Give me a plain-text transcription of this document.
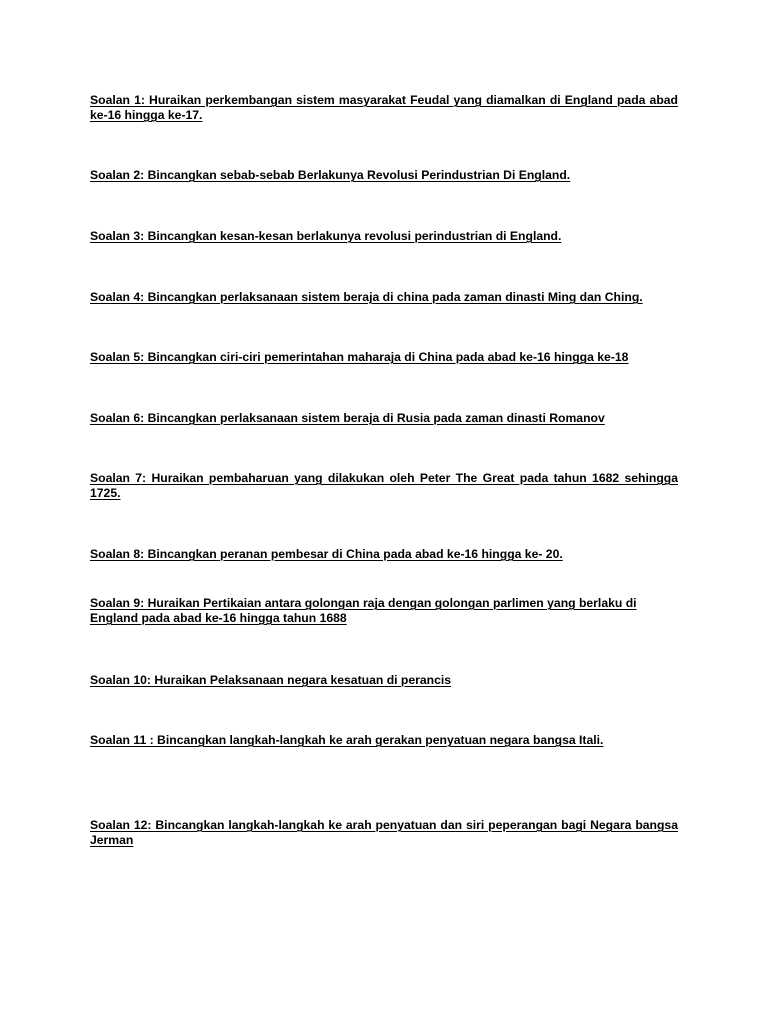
Soalan 1: Huraikan perkembangan sistem masyarakat Feudal yang diamalkan di England pada abad ke-16 hingga ke-17.

Soalan 2: Bincangkan sebab-sebab Berlakunya Revolusi Perindustrian Di England.

Soalan 3: Bincangkan kesan-kesan berlakunya revolusi perindustrian di England.

Soalan 4: Bincangkan perlaksanaan sistem beraja di china pada zaman dinasti Ming dan Ching.

Soalan 5: Bincangkan ciri-ciri pemerintahan maharaja di China pada abad ke-16 hingga ke-18

Soalan 6: Bincangkan perlaksanaan sistem beraja di Rusia pada zaman dinasti Romanov

Soalan 7: Huraikan pembaharuan yang dilakukan oleh Peter The Great pada tahun 1682 sehingga 1725.

Soalan 8: Bincangkan peranan pembesar di China pada abad ke-16 hingga ke- 20.

Soalan 9: Huraikan Pertikaian antara golongan raja dengan golongan parlimen yang berlaku di England pada abad ke-16 hingga tahun 1688

Soalan 10: Huraikan Pelaksanaan negara kesatuan di perancis

Soalan 11 : Bincangkan langkah-langkah ke arah gerakan penyatuan negara bangsa Itali.

Soalan 12: Bincangkan langkah-langkah ke arah penyatuan dan siri peperangan bagi Negara bangsa Jerman
